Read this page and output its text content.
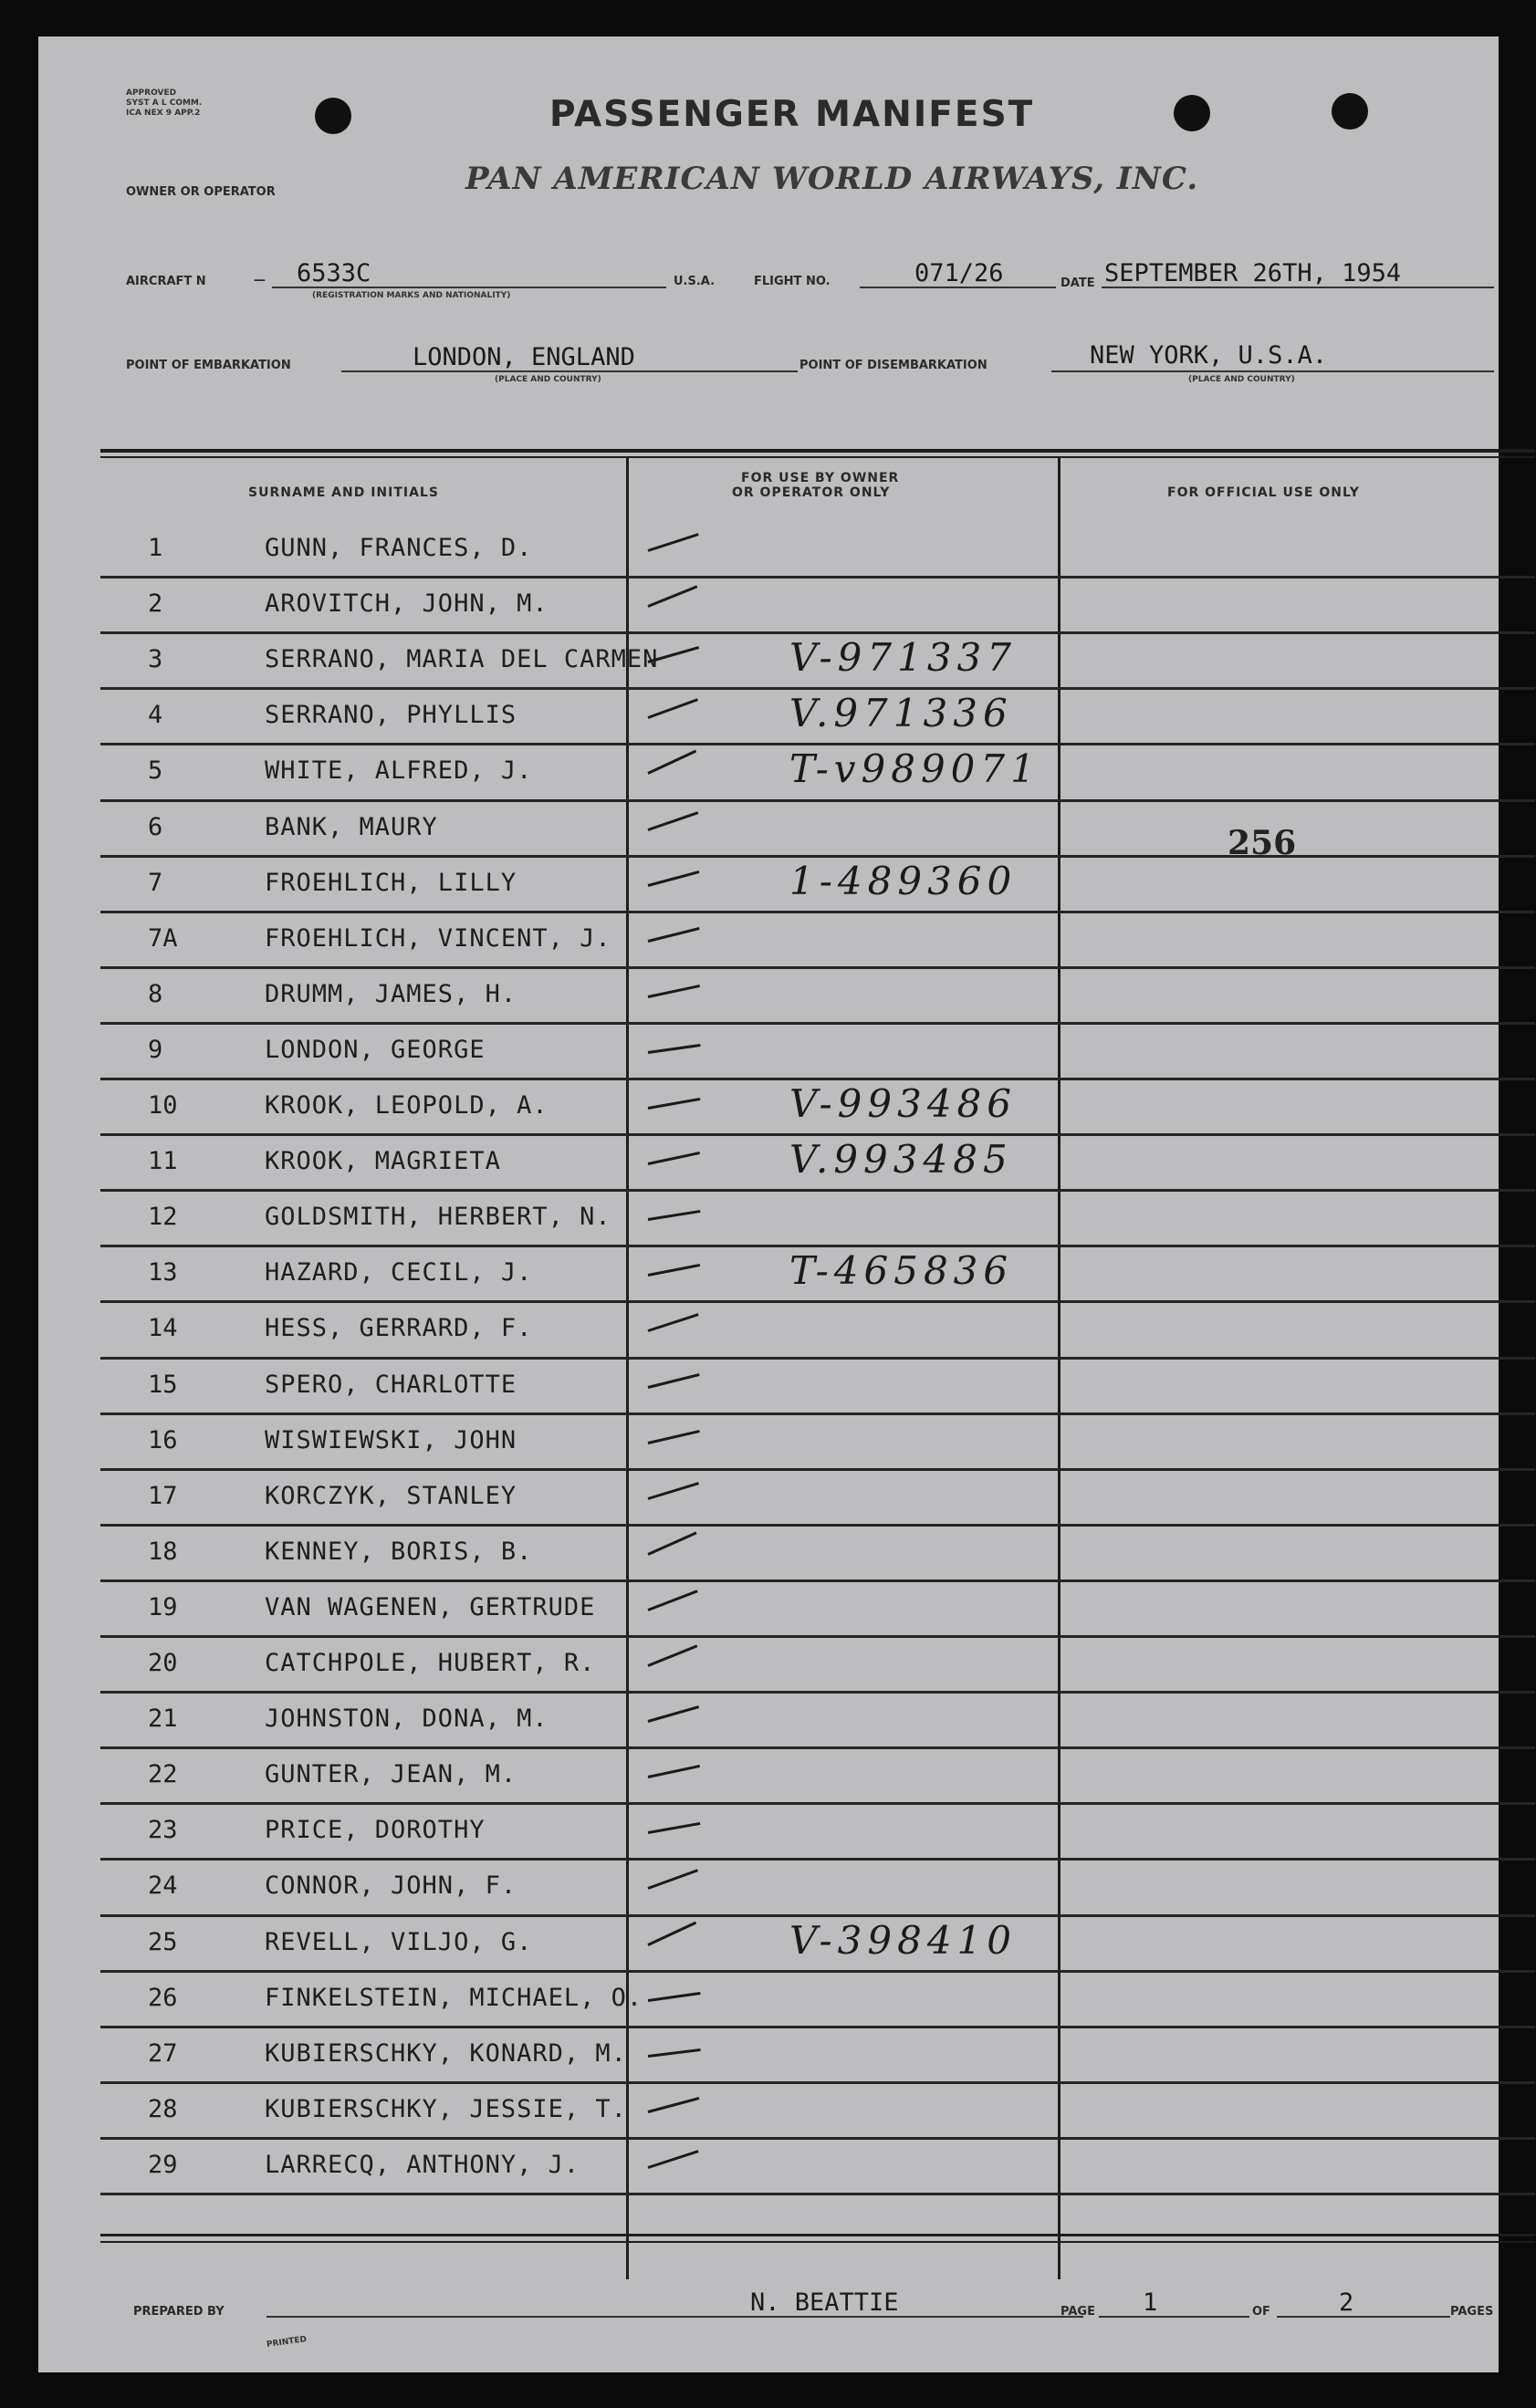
APPROVED
SYST A L COMM.
ICA NEX 9 APP.2	PASSENGER MANIFEST
OWNER OR OPERATOR	PAN AMERICAN WORLD AIRWAYS, INC.
AIRCRAFT N	— 6533C
(REGISTRATION MARKS AND NATIONALITY)
U.S.A.	FLIGHT NO.	071/26	DATE SEPTEMBER 26TH, 1954
POINT OF EMBARKATION	LONDON, ENGLAND
(PLACE AND COUNTRY)
POINT OF DISEMBARKATION	NEW YORK, U.S.A.
(PLACE AND COUNTRY)
SURNAME AND INITIALS
FOR USE BY OWNER
OR OPERATOR ONLY	FOR OFFICIAL USE ONLY
1	GUNN, FRANCES, D.
2	AROVITCH, JOHN, M.
3	SERRANO, MARIA DEL CARMEN	V-971337
4	SERRANO, PHYLLIS	V.971336
5	WHITE, ALFRED, J.	T-v989071
6	BANK, MAURY
7	FROEHLICH, LILLY	1-489360
7A	FROEHLICH, VINCENT, J.
8	DRUMM, JAMES, H.
9	LONDON, GEORGE
10	KROOK, LEOPOLD, A.	V-993486
11	KROOK, MAGRIETA	V.993485
12	GOLDSMITH, HERBERT, N.
13	HAZARD, CECIL, J.	T-465836
14	HESS, GERRARD, F.
15	SPERO, CHARLOTTE
16	WISWIEWSKI, JOHN
17	KORCZYK, STANLEY
18	KENNEY, BORIS, B.
19	VAN WAGENEN, GERTRUDE
20	CATCHPOLE, HUBERT, R.
21	JOHNSTON, DONA, M.
22	GUNTER, JEAN, M.
23	PRICE, DOROTHY
24	CONNOR, JOHN, F.
25	REVELL, VILJO, G.	V-398410
26	FINKELSTEIN, MICHAEL, O.
27	KUBIERSCHKY, KONARD, M.
28	KUBIERSCHKY, JESSIE, T.
29	LARRECQ, ANTHONY, J.
256
PREPARED BY	N. BEATTIE	PAGE 1	OF	2	PAGES
PRINTED
